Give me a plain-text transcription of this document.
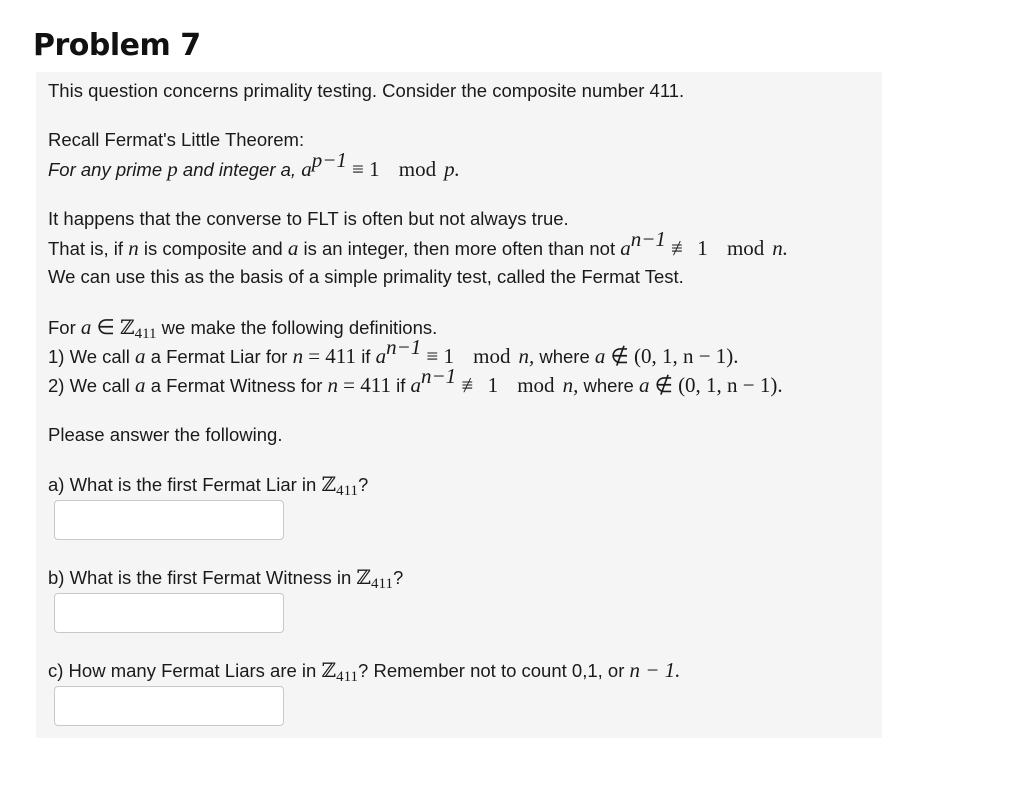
Problem 7
This question concerns primality testing. Consider the composite number 411.
Recall Fermat's Little Theorem:
For any prime p and integer a, $a^{p-1} \equiv 1$ mod p.
It happens that the converse to FLT is often but not always true.
That is, if n is composite and a is an integer, then more often than not $a^{n-1}$ ≢ 1 mod n.
We can use this as the basis of a simple primality test, called the Fermat Test.
For a ∈ ℤ$_{411}$ we make the following definitions.
1) We call a a Fermat Liar for n = 411 if $a^{n-1} \equiv 1$ mod n, where a ∉ (0, 1, n − 1).
2) We call a a Fermat Witness for n = 411 if $a^{n-1}$ ≢ 1 mod n, where a ∉ (0, 1, n − 1).
Please answer the following.
a) What is the first Fermat Liar in ℤ$_{411}$?
b) What is the first Fermat Witness in ℤ$_{411}$?
c) How many Fermat Liars are in ℤ$_{411}$? Remember not to count 0,1, or n − 1.
